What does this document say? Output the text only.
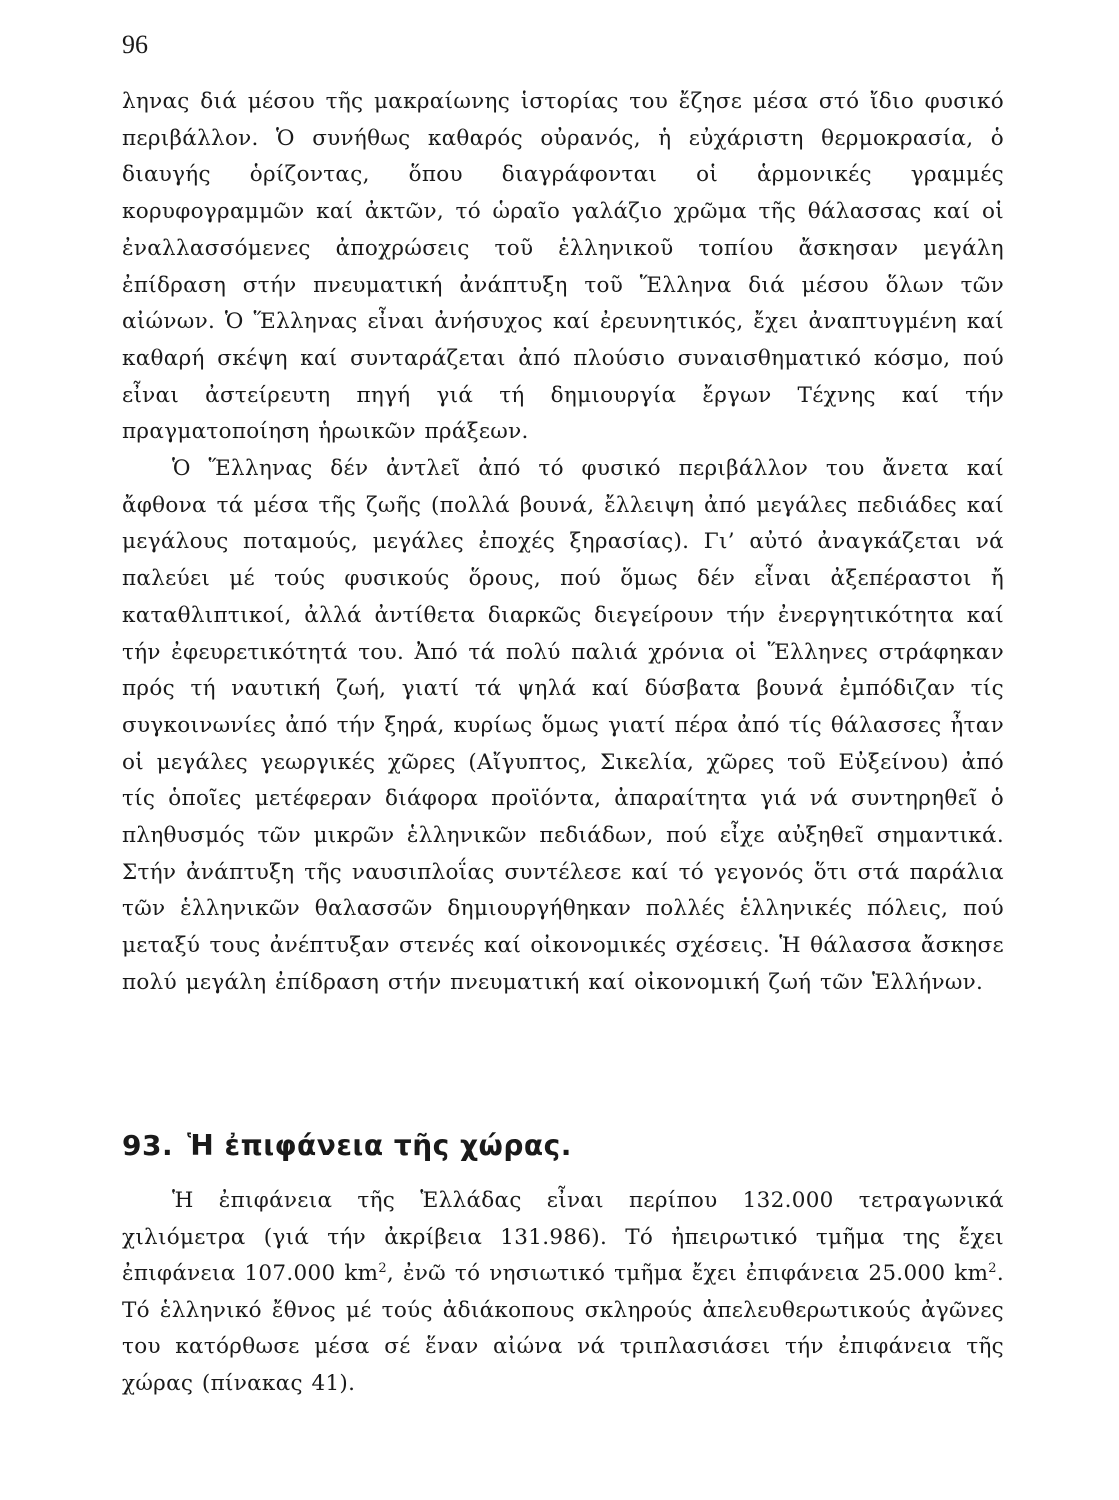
96

ληνας διά μέσου τῆς μακραίωνης ἱστορίας του ἔζησε μέσα στό ἴδιο φυσικό περιβάλλον. Ὁ συνήθως καθαρός οὐρανός, ἡ εὐχάριστη θερμοκρασία, ὁ διαυγής ὁρίζοντας, ὅπου διαγράφονται οἱ ἁρμονικές γραμμές κορυφογραμμῶν καί ἀκτῶν, τό ὡραῖο γαλάζιο χρῶμα τῆς θάλασσας καί οἱ ἐναλλασσόμενες ἀποχρώσεις τοῦ ἑλληνικοῦ τοπίου ἄσκησαν μεγάλη ἐπίδραση στήν πνευματική ἀνάπτυξη τοῦ Ἕλληνα διά μέσου ὅλων τῶν αἰώνων. Ὁ Ἕλληνας εἶναι ἀνήσυχος καί ἐρευνητικός, ἔχει ἀναπτυγμένη καί καθαρή σκέψη καί συνταράζεται ἀπό πλούσιο συναισθηματικό κόσμο, πού εἶναι ἀστείρευτη πηγή γιά τή δημιουργία ἔργων Τέχνης καί τήν πραγματοποίηση ἡρωικῶν πράξεων.

Ὁ Ἕλληνας δέν ἀντλεῖ ἀπό τό φυσικό περιβάλλον του ἄνετα καί ἄφθονα τά μέσα τῆς ζωῆς (πολλά βουνά, ἔλλειψη ἀπό μεγάλες πεδιάδες καί μεγάλους ποταμούς, μεγάλες ἐποχές ξηρασίας). Γι’ αὐτό ἀναγκάζεται νά παλεύει μέ τούς φυσικούς ὅρους, πού ὅμως δέν εἶναι ἀξεπέραστοι ἤ καταθλιπτικοί, ἀλλά ἀντίθετα διαρκῶς διεγείρουν τήν ἐνεργητικότητα καί τήν ἐφευρετικότητά του. Ἀπό τά πολύ παλιά χρόνια οἱ Ἕλληνες στράφηκαν πρός τή ναυτική ζωή, γιατί τά ψηλά καί δύσβατα βουνά ἐμπόδιζαν τίς συγκοινωνίες ἀπό τήν ξηρά, κυρίως ὅμως γιατί πέρα ἀπό τίς θάλασσες ἦταν οἱ μεγάλες γεωργικές χῶρες (Αἴγυπτος, Σικελία, χῶρες τοῦ Εὐξείνου) ἀπό τίς ὁποῖες μετέφεραν διάφορα προϊόντα, ἀπαραίτητα γιά νά συντηρηθεῖ ὁ πληθυσμός τῶν μικρῶν ἑλληνικῶν πεδιάδων, πού εἶχε αὐξηθεῖ σημαντικά. Στήν ἀνάπτυξη τῆς ναυσιπλοΐας συντέλεσε καί τό γεγονός ὅτι στά παράλια τῶν ἑλληνικῶν θαλασσῶν δημιουργήθηκαν πολλές ἑλληνικές πόλεις, πού μεταξύ τους ἀνέπτυξαν στενές καί οἰκονομικές σχέσεις. Ἡ θάλασσα ἄσκησε πολύ μεγάλη ἐπίδραση στήν πνευματική καί οἰκονομική ζωή τῶν Ἑλλήνων.

93. Ἡ ἐπιφάνεια τῆς χώρας.

Ἡ ἐπιφάνεια τῆς Ἑλλάδας εἶναι περίπου 132.000 τετραγωνικά χιλιόμετρα (γιά τήν ἀκρίβεια 131.986). Τό ἠπειρωτικό τμῆμα της ἔχει ἐπιφάνεια 107.000 $km^2$, ἐνῶ τό νησιωτικό τμῆμα ἔχει ἐπιφάνεια 25.000 $km^2$. Τό ἑλληνικό ἔθνος μέ τούς ἀδιάκοπους σκληρούς ἀπελευθερωτικούς ἀγῶνες του κατόρθωσε μέσα σέ ἕναν αἰώνα νά τριπλασιάσει τήν ἐπιφάνεια τῆς χώρας (πίνακας 41).
